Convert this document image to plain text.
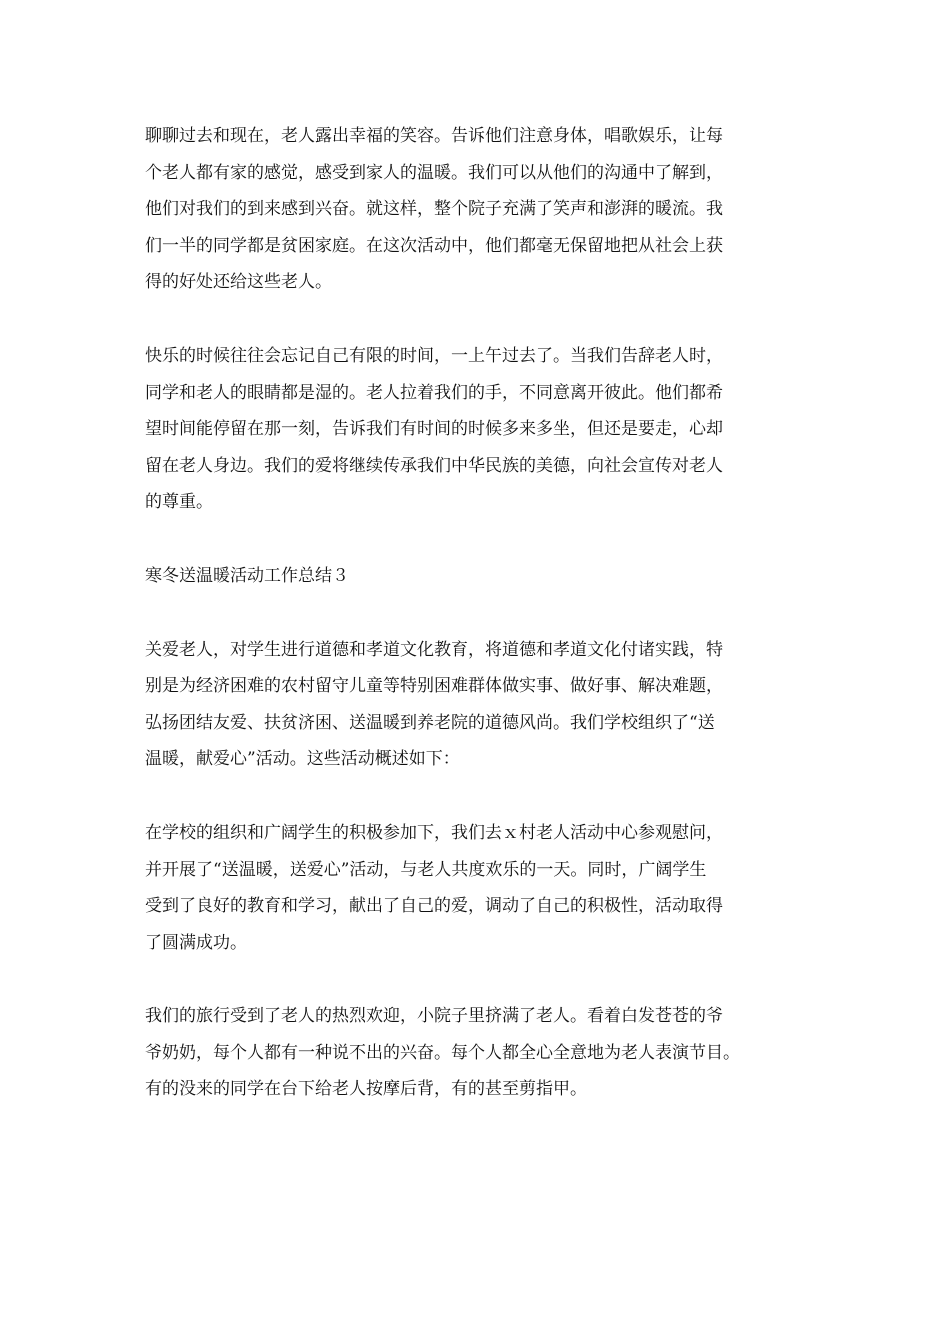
聊聊过去和现在，老人露出幸福的笑容。告诉他们注意身体，唱歌娱乐，让每
个老人都有家的感觉，感受到家人的温暖。我们可以从他们的沟通中了解到，
他们对我们的到来感到兴奋。就这样，整个院子充满了笑声和澎湃的暖流。我
们一半的同学都是贫困家庭。在这次活动中，他们都毫无保留地把从社会上获
得的好处还给这些老人。
快乐的时候往往会忘记自己有限的时间，一上午过去了。当我们告辞老人时，
同学和老人的眼睛都是湿的。老人拉着我们的手，不同意离开彼此。他们都希
望时间能停留在那一刻，告诉我们有时间的时候多来多坐，但还是要走，心却
留在老人身边。我们的爱将继续传承我们中华民族的美德，向社会宣传对老人
的尊重。
寒冬送温暖活动工作总结３
关爱老人，对学生进行道德和孝道文化教育，将道德和孝道文化付诸实践，特
别是为经济困难的农村留守儿童等特别困难群体做实事、做好事、解决难题，
弘扬团结友爱、扶贫济困、送温暖到养老院的道德风尚。我们学校组织了“送
温暖，献爱心”活动。这些活动概述如下：
在学校的组织和广阔学生的积极参加下，我们去ｘ村老人活动中心参观慰问，
并开展了“送温暖，送爱心”活动，与老人共度欢乐的一天。同时，广阔学生
受到了良好的教育和学习，献出了自己的爱，调动了自己的积极性，活动取得
了圆满成功。
我们的旅行受到了老人的热烈欢迎，小院子里挤满了老人。看着白发苍苍的爷
爷奶奶，每个人都有一种说不出的兴奋。每个人都全心全意地为老人表演节目。
有的没来的同学在台下给老人按摩后背，有的甚至剪指甲。
